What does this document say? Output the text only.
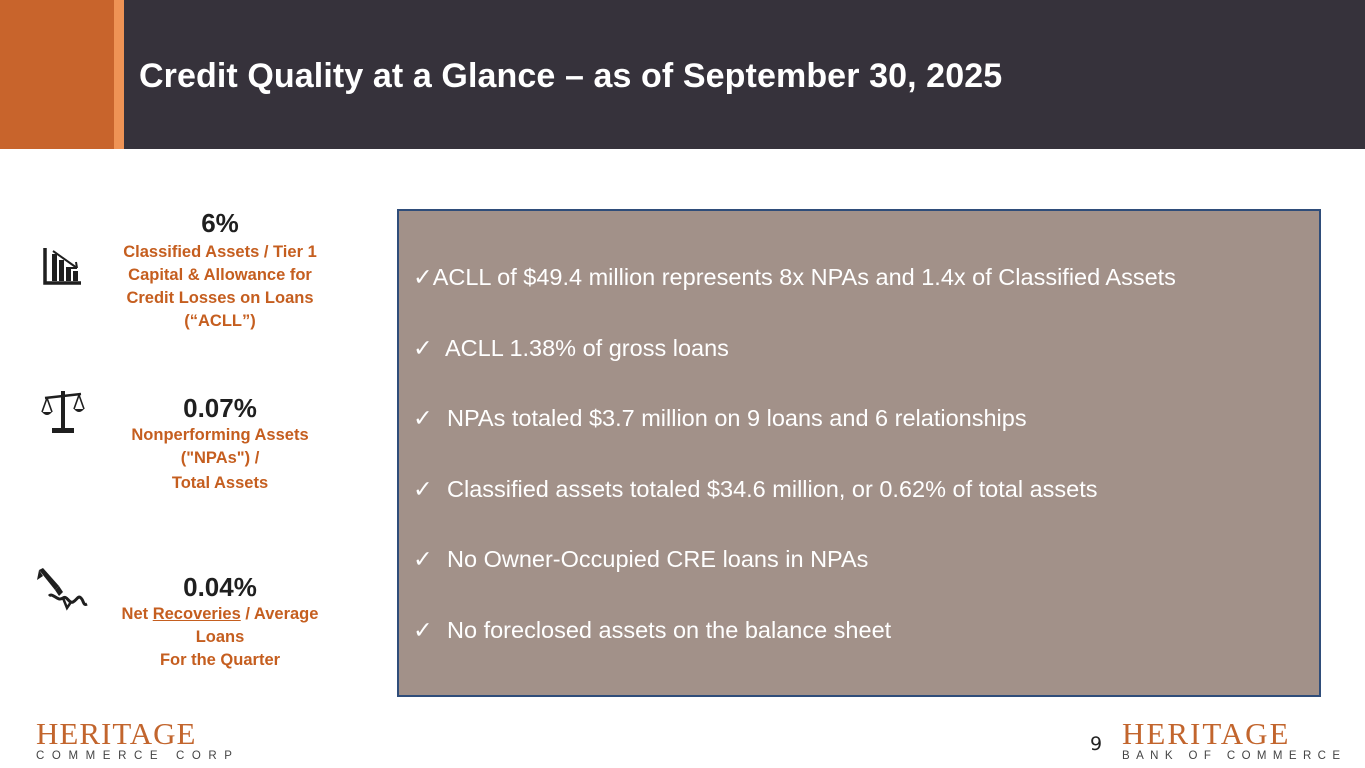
Credit Quality at a Glance – as of September 30, 2025
6%
Classified Assets / Tier 1
Capital & Allowance for
Credit Losses on Loans
(“ACLL”)
0.07%
Nonperforming Assets
("NPAs") /
Total Assets
0.04%
Net Recoveries / Average
Loans
For the Quarter
✓ACLL of $49.4 million represents 8x NPAs and 1.4x of Classified Assets
✓ ACLL 1.38% of gross loans
✓ NPAs totaled $3.7 million on 9 loans and 6 relationships
✓ Classified assets totaled $34.6 million, or 0.62% of total assets
✓ No Owner-Occupied CRE loans in NPAs
✓ No foreclosed assets on the balance sheet
HERITAGE
COMMERCE CORP
9 HERITAGE
BANK OF COMMERCE
